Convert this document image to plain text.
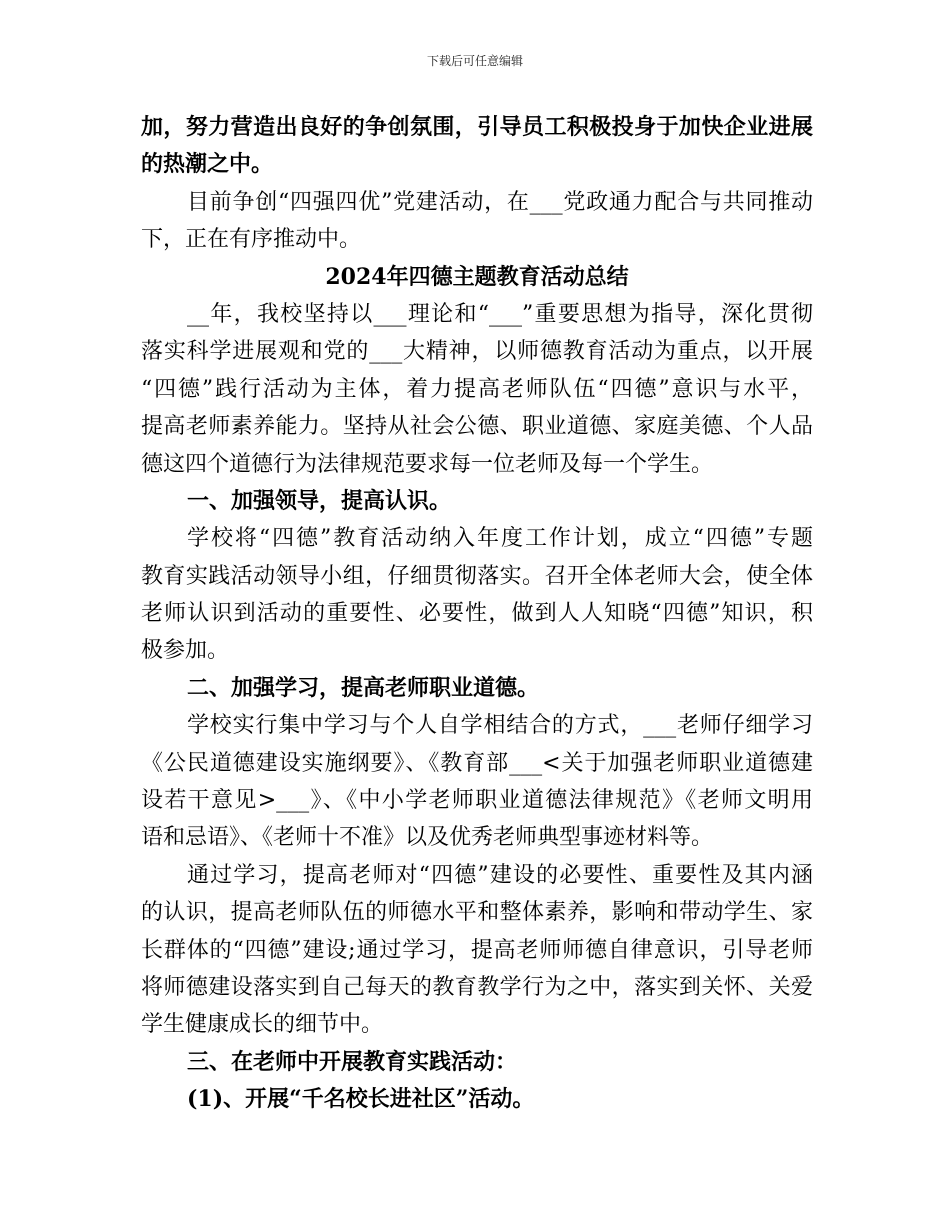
下载后可任意编辑
加，努力营造出良好的争创氛围，引导员工积极投身于加快企业进展
的热潮之中。
目前争创“四强四优”党建活动，在___党政通力配合与共同推动
下，正在有序推动中。
2024年四德主题教育活动总结
__年，我校坚持以___理论和“___”重要思想为指导，深化贯彻
落实科学进展观和党的___大精神，以师德教育活动为重点，以开展
“四德”践行活动为主体，着力提高老师队伍“四德”意识与水平，
提高老师素养能力。坚持从社会公德、职业道德、家庭美德、个人品
德这四个道德行为法律规范要求每一位老师及每一个学生。
一、加强领导，提高认识。
学校将“四德”教育活动纳入年度工作计划，成立“四德”专题
教育实践活动领导小组，仔细贯彻落实。召开全体老师大会，使全体
老师认识到活动的重要性、必要性，做到人人知晓“四德”知识，积
极参加。
二、加强学习，提高老师职业道德。
学校实行集中学习与个人自学相结合的方式，___老师仔细学习
《公民道德建设实施纲要》、《教育部___<关于加强老师职业道德建
设若干意见>___》、《中小学老师职业道德法律规范》《老师文明用
语和忌语》、《老师十不准》以及优秀老师典型事迹材料等。
通过学习，提高老师对“四德”建设的必要性、重要性及其内涵
的认识，提高老师队伍的师德水平和整体素养，影响和带动学生、家
长群体的“四德”建设;通过学习，提高老师师德自律意识，引导老师
将师德建设落实到自己每天的教育教学行为之中，落实到关怀、关爱
学生健康成长的细节中。
三、在老师中开展教育实践活动：
(1)、开展“千名校长进社区”活动。
